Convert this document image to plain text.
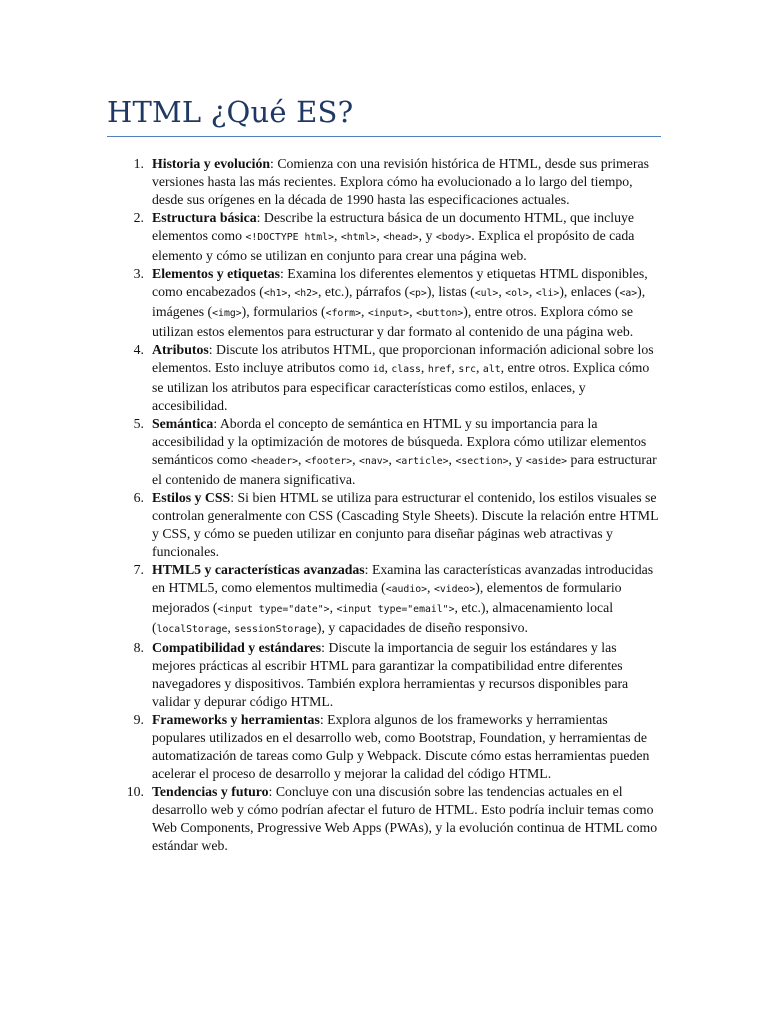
HTML ¿Qué ES?
1. Historia y evolución: Comienza con una revisión histórica de HTML, desde sus primeras versiones hasta las más recientes. Explora cómo ha evolucionado a lo largo del tiempo, desde sus orígenes en la década de 1990 hasta las especificaciones actuales.
2. Estructura básica: Describe la estructura básica de un documento HTML, que incluye elementos como <!DOCTYPE html>, <html>, <head>, y <body>. Explica el propósito de cada elemento y cómo se utilizan en conjunto para crear una página web.
3. Elementos y etiquetas: Examina los diferentes elementos y etiquetas HTML disponibles, como encabezados (<h1>, <h2>, etc.), párrafos (<p>), listas (<ul>, <ol>, <li>), enlaces (<a>), imágenes (<img>), formularios (<form>, <input>, <button>), entre otros. Explora cómo se utilizan estos elementos para estructurar y dar formato al contenido de una página web.
4. Atributos: Discute los atributos HTML, que proporcionan información adicional sobre los elementos. Esto incluye atributos como id, class, href, src, alt, entre otros. Explica cómo se utilizan los atributos para especificar características como estilos, enlaces, y accesibilidad.
5. Semántica: Aborda el concepto de semántica en HTML y su importancia para la accesibilidad y la optimización de motores de búsqueda. Explora cómo utilizar elementos semánticos como <header>, <footer>, <nav>, <article>, <section>, y <aside> para estructurar el contenido de manera significativa.
6. Estilos y CSS: Si bien HTML se utiliza para estructurar el contenido, los estilos visuales se controlan generalmente con CSS (Cascading Style Sheets). Discute la relación entre HTML y CSS, y cómo se pueden utilizar en conjunto para diseñar páginas web atractivas y funcionales.
7. HTML5 y características avanzadas: Examina las características avanzadas introducidas en HTML5, como elementos multimedia (<audio>, <video>), elementos de formulario mejorados (<input type="date">, <input type="email">, etc.), almacenamiento local (localStorage, sessionStorage), y capacidades de diseño responsivo.
8. Compatibilidad y estándares: Discute la importancia de seguir los estándares y las mejores prácticas al escribir HTML para garantizar la compatibilidad entre diferentes navegadores y dispositivos. También explora herramientas y recursos disponibles para validar y depurar código HTML.
9. Frameworks y herramientas: Explora algunos de los frameworks y herramientas populares utilizados en el desarrollo web, como Bootstrap, Foundation, y herramientas de automatización de tareas como Gulp y Webpack. Discute cómo estas herramientas pueden acelerar el proceso de desarrollo y mejorar la calidad del código HTML.
10. Tendencias y futuro: Concluye con una discusión sobre las tendencias actuales en el desarrollo web y cómo podrían afectar el futuro de HTML. Esto podría incluir temas como Web Components, Progressive Web Apps (PWAs), y la evolución continua de HTML como estándar web.
